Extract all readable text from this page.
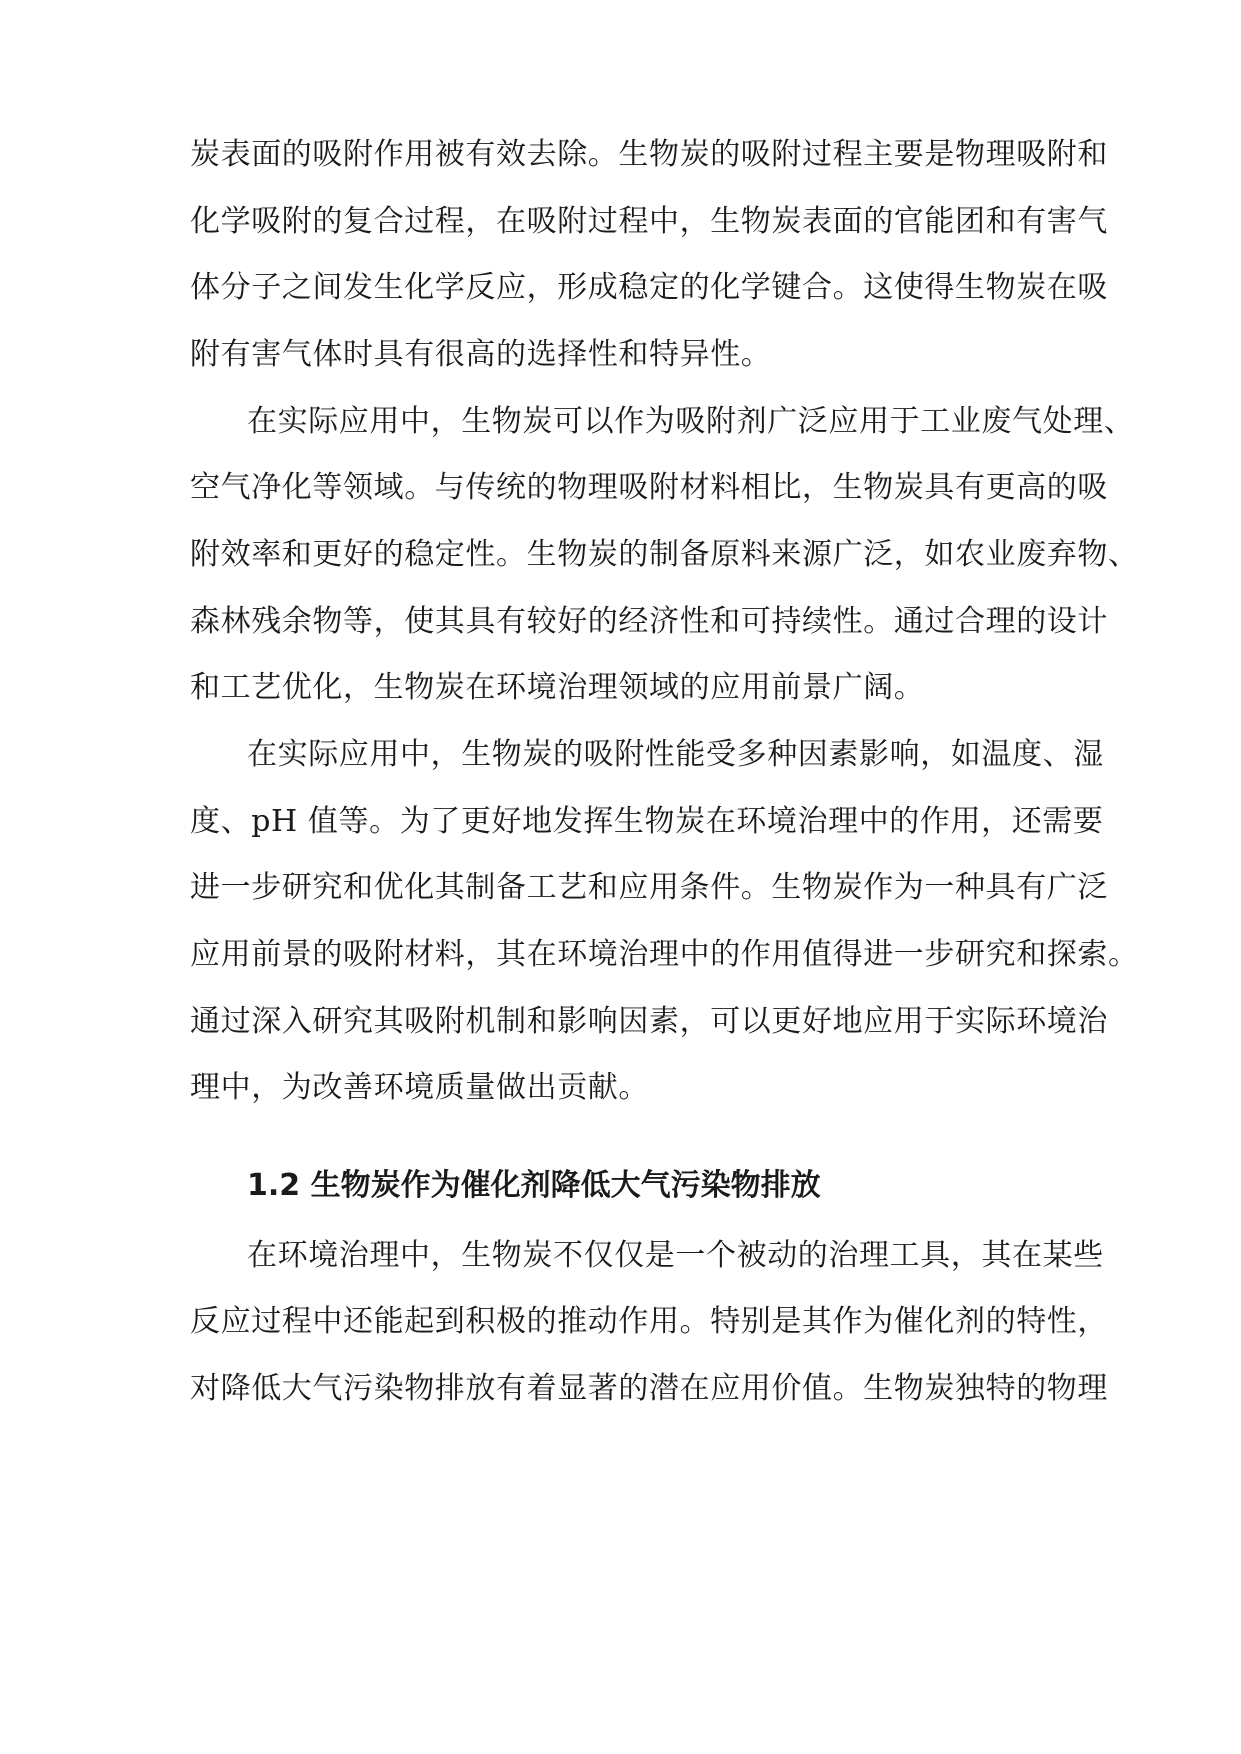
炭表面的吸附作用被有效去除。生物炭的吸附过程主要是物理吸附和
化学吸附的复合过程，在吸附过程中，生物炭表面的官能团和有害气
体分子之间发生化学反应，形成稳定的化学键合。这使得生物炭在吸
附有害气体时具有很高的选择性和特异性。
在实际应用中，生物炭可以作为吸附剂广泛应用于工业废气处理、
空气净化等领域。与传统的物理吸附材料相比，生物炭具有更高的吸
附效率和更好的稳定性。生物炭的制备原料来源广泛，如农业废弃物、
森林残余物等，使其具有较好的经济性和可持续性。通过合理的设计
和工艺优化，生物炭在环境治理领域的应用前景广阔。
在实际应用中，生物炭的吸附性能受多种因素影响，如温度、湿
度、pH 值等。为了更好地发挥生物炭在环境治理中的作用，还需要
进一步研究和优化其制备工艺和应用条件。生物炭作为一种具有广泛
应用前景的吸附材料，其在环境治理中的作用值得进一步研究和探索。
通过深入研究其吸附机制和影响因素，可以更好地应用于实际环境治
理中，为改善环境质量做出贡献。
1.2 生物炭作为催化剂降低大气污染物排放
在环境治理中，生物炭不仅仅是一个被动的治理工具，其在某些
反应过程中还能起到积极的推动作用。特别是其作为催化剂的特性，
对降低大气污染物排放有着显著的潜在应用价值。生物炭独特的物理
